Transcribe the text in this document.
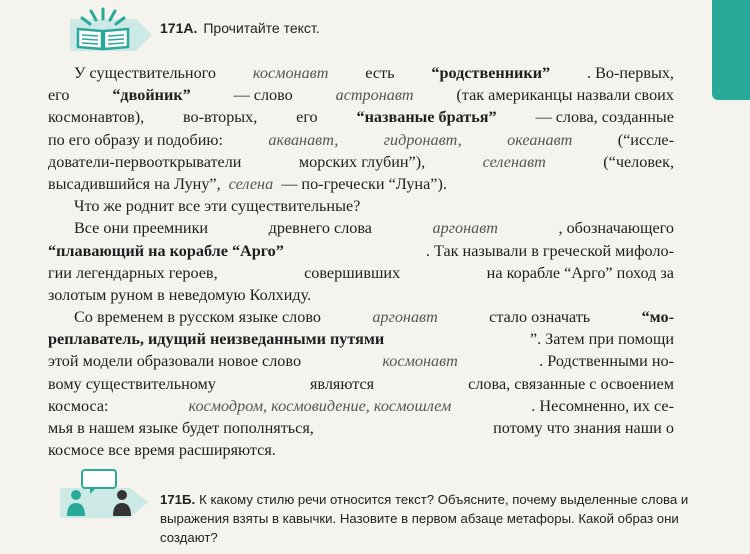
171А. Прочитайте текст.
У существительного космонавт есть “родственники” . Во-первых,
его	“двойник”	— слово	астронавт	(так американцы назвали своих
космонавтов), во-вторых, его “названые братья” — слова, созданные
по его образу и подобию:	акванавт,	гидронавт,	океанавт	(“иссле-
дователи-первооткрыватели	морских глубин”),	селенавт	(“человек,
высадившийся на Луну”, селена — по-гречески “Луна”).
Что же роднит все эти существительные?
Все они преемники	древнего слова	аргонавт	, обозначающего
“плавающий на корабле “Арго”	. Так называли в греческой мифоло-
гии легендарных героев,	совершивших	на корабле “Арго” поход за
золотым руном в неведомую Колхиду.
Со временем в русском языке слово	аргонавт	стало означать	“мо-
реплаватель, идущий неизведанными путями	”. Затем при помощи
этой модели образовали новое слово	космонавт	. Родственными но-
вому существительному	являются	слова, связанные с освоением
космоса:	космодром, космовидение, космошлем	. Несомненно, их се-
мья в нашем языке будет пополняться,	потому что знания наши о
космосе все время расширяются.
171Б. К какому стилю речи относится текст? Объясните, почему выделенные слова и выражения взяты в кавычки. Назовите в первом абзаце метафоры. Какой образ они создают?
